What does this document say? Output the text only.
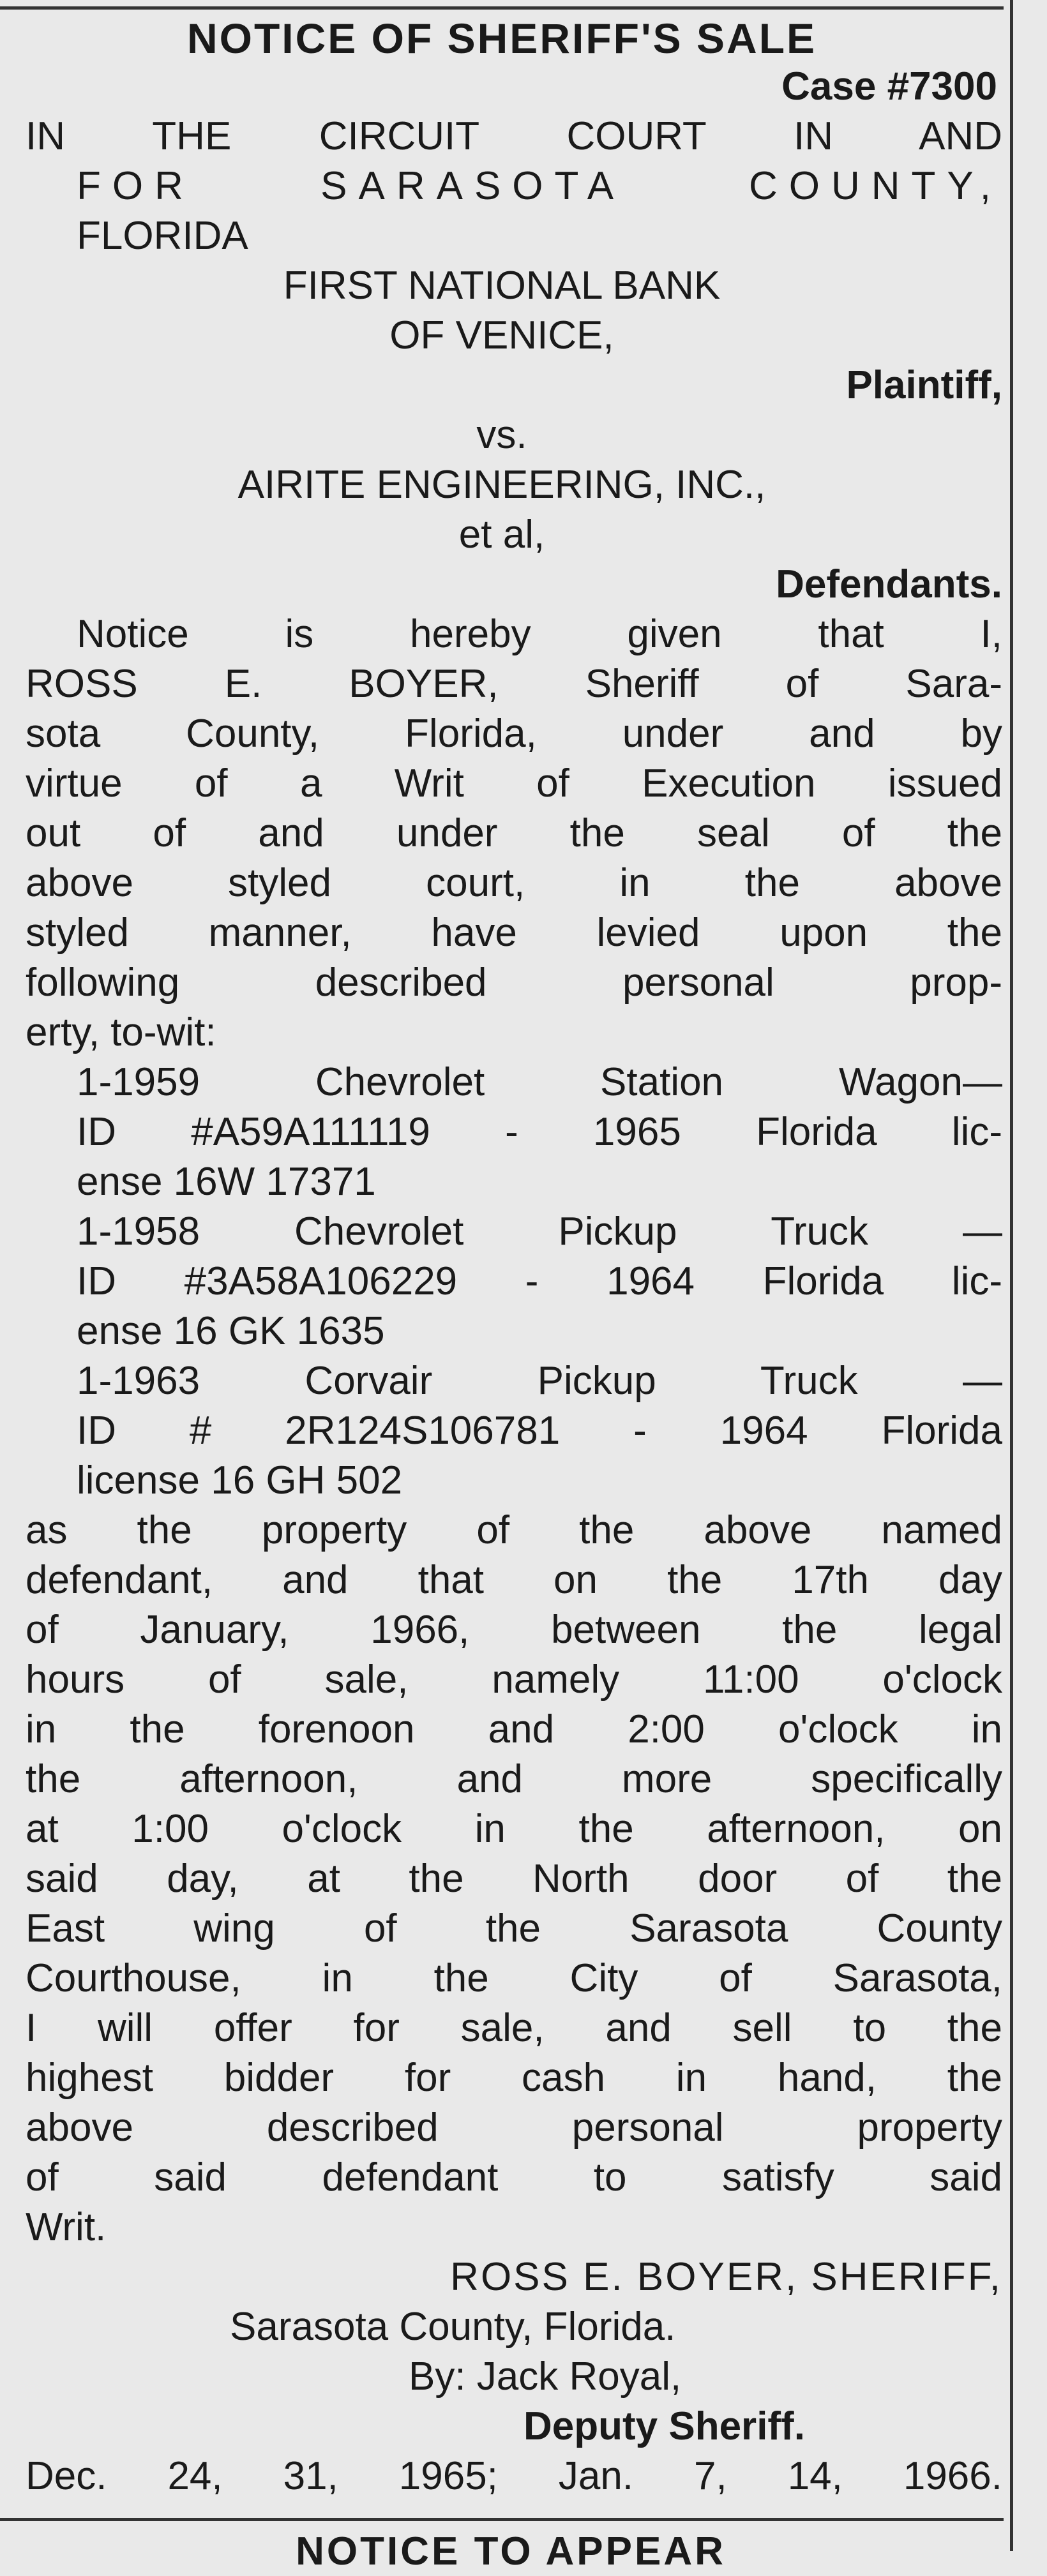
NOTICE OF SHERIFF'S SALE
Case #7300
IN THE CIRCUIT COURT IN AND
FOR SARASOTA COUNTY,
FLORIDA
FIRST NATIONAL BANK
OF VENICE,
Plaintiff,
vs.
AIRITE ENGINEERING, INC.,
et al,
Defendants.
Notice is hereby given that I,
ROSS E. BOYER, Sheriff of Sara-
sota County, Florida, under and by
virtue of a Writ of Execution issued
out of and under the seal of the
above styled court, in the above
styled manner, have levied upon the
following described personal prop-
erty, to-wit:
1-1959 Chevrolet Station Wagon—
ID #A59A111119 - 1965 Florida lic-
ense 16W 17371
1-1958 Chevrolet Pickup Truck —
ID #3A58A106229 - 1964 Florida lic-
ense 16 GK 1635
1-1963 Corvair Pickup Truck —
ID # 2R124S106781 - 1964 Florida
license 16 GH 502
as the property of the above named
defendant, and that on the 17th day
of January, 1966, between the legal
hours of sale, namely 11:00 o'clock
in the forenoon and 2:00 o'clock in
the afternoon, and more specifically
at 1:00 o'clock in the afternoon, on
said day, at the North door of the
East wing of the Sarasota County
Courthouse, in the City of Sarasota,
I will offer for sale, and sell to the
highest bidder for cash in hand, the
above described personal property
of said defendant to satisfy said
Writ.
ROSS E. BOYER, SHERIFF,
Sarasota County, Florida.
By: Jack Royal,
Deputy Sheriff.
Dec. 24, 31, 1965; Jan. 7, 14, 1966.
NOTICE TO APPEAR
